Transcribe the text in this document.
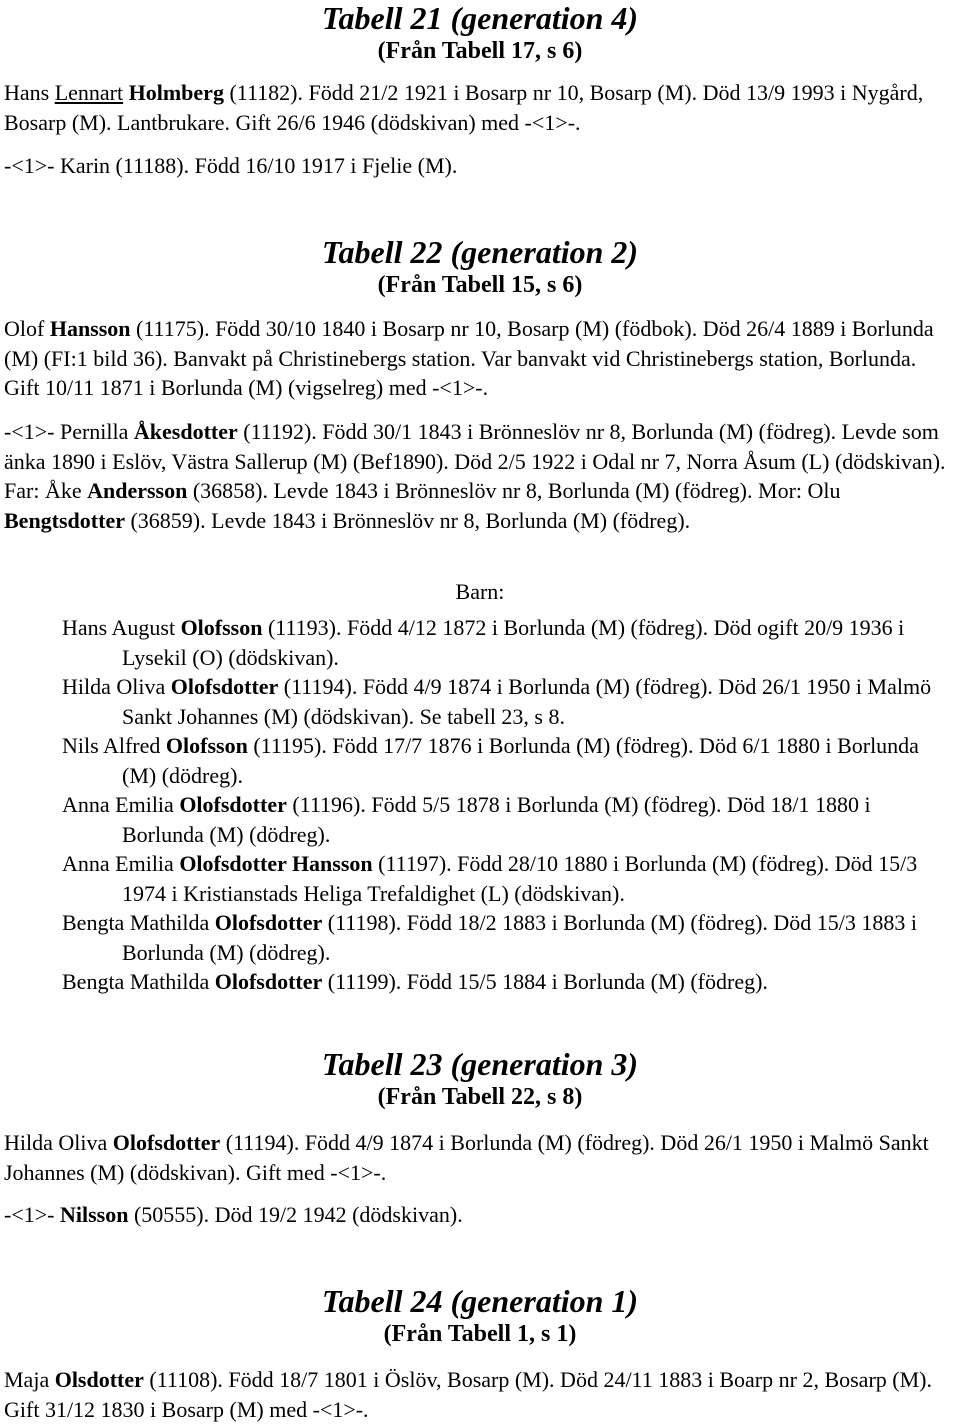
Tabell 21 (generation 4)
(Från Tabell 17, s 6)

Hans Lennart Holmberg (11182). Född 21/2 1921 i Bosarp nr 10, Bosarp (M). Död 13/9 1993 i Nygård, Bosarp (M). Lantbrukare. Gift 26/6 1946 (dödskivan) med -<1>-.

-<1>- Karin (11188). Född 16/10 1917 i Fjelie (M).

Tabell 22 (generation 2)
(Från Tabell 15, s 6)

Olof Hansson (11175). Född 30/10 1840 i Bosarp nr 10, Bosarp (M) (födbok). Död 26/4 1889 i Borlunda (M) (FI:1 bild 36). Banvakt på Christinebergs station. Var banvakt vid Christinebergs station, Borlunda. Gift 10/11 1871 i Borlunda (M) (vigselreg) med -<1>-.

-<1>- Pernilla Åkesdotter (11192). Född 30/1 1843 i Brönneslöv nr 8, Borlunda (M) (födreg). Levde som änka 1890 i Eslöv, Västra Sallerup (M) (Bef1890). Död 2/5 1922 i Odal nr 7, Norra Åsum (L) (dödskivan). Far: Åke Andersson (36858). Levde 1843 i Brönneslöv nr 8, Borlunda (M) (födreg). Mor: Olu Bengtsdotter (36859). Levde 1843 i Brönneslöv nr 8, Borlunda (M) (födreg).

Barn:

Hans August Olofsson (11193). Född 4/12 1872 i Borlunda (M) (födreg). Död ogift 20/9 1936 i Lysekil (O) (dödskivan).

Hilda Oliva Olofsdotter (11194). Född 4/9 1874 i Borlunda (M) (födreg). Död 26/1 1950 i Malmö Sankt Johannes (M) (dödskivan). Se tabell 23, s 8.

Nils Alfred Olofsson (11195). Född 17/7 1876 i Borlunda (M) (födreg). Död 6/1 1880 i Borlunda (M) (dödreg).

Anna Emilia Olofsdotter (11196). Född 5/5 1878 i Borlunda (M) (födreg). Död 18/1 1880 i Borlunda (M) (dödreg).

Anna Emilia Olofsdotter Hansson (11197). Född 28/10 1880 i Borlunda (M) (födreg). Död 15/3 1974 i Kristianstads Heliga Trefaldighet (L) (dödskivan).

Bengta Mathilda Olofsdotter (11198). Född 18/2 1883 i Borlunda (M) (födreg). Död 15/3 1883 i Borlunda (M) (dödreg).

Bengta Mathilda Olofsdotter (11199). Född 15/5 1884 i Borlunda (M) (födreg).

Tabell 23 (generation 3)
(Från Tabell 22, s 8)

Hilda Oliva Olofsdotter (11194). Född 4/9 1874 i Borlunda (M) (födreg). Död 26/1 1950 i Malmö Sankt Johannes (M) (dödskivan). Gift med -<1>-.

-<1>- Nilsson (50555). Död 19/2 1942 (dödskivan).

Tabell 24 (generation 1)
(Från Tabell 1, s 1)

Maja Olsdotter (11108). Född 18/7 1801 i Öslöv, Bosarp (M). Död 24/11 1883 i Boarp nr 2, Bosarp (M). Gift 31/12 1830 i Bosarp (M) med -<1>-.
